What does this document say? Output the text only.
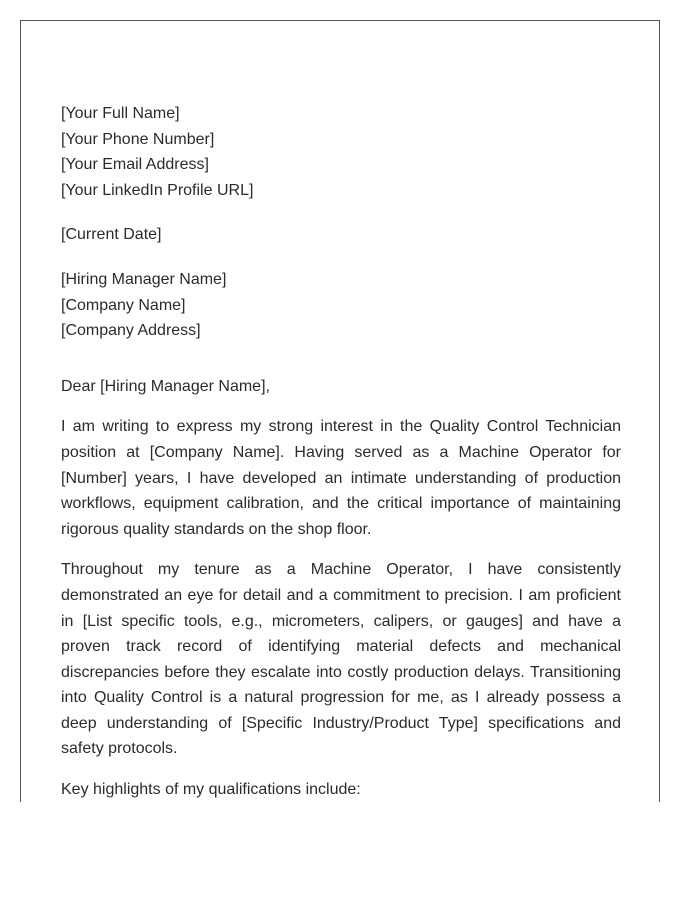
[Your Full Name]
[Your Phone Number]
[Your Email Address]
[Your LinkedIn Profile URL]
[Current Date]
[Hiring Manager Name]
[Company Name]
[Company Address]
Dear [Hiring Manager Name],

I am writing to express my strong interest in the Quality Control Technician position at [Company Name]. Having served as a Machine Operator for [Number] years, I have developed an intimate understanding of production workflows, equipment calibration, and the critical importance of maintaining rigorous quality standards on the shop floor.

Throughout my tenure as a Machine Operator, I have consistently demonstrated an eye for detail and a commitment to precision. I am proficient in [List specific tools, e.g., micrometers, calipers, or gauges] and have a proven track record of identifying material defects and mechanical discrepancies before they escalate into costly production delays. Transitioning into Quality Control is a natural progression for me, as I already possess a deep understanding of [Specific Industry/Product Type] specifications and safety protocols.

Key highlights of my qualifications include:
